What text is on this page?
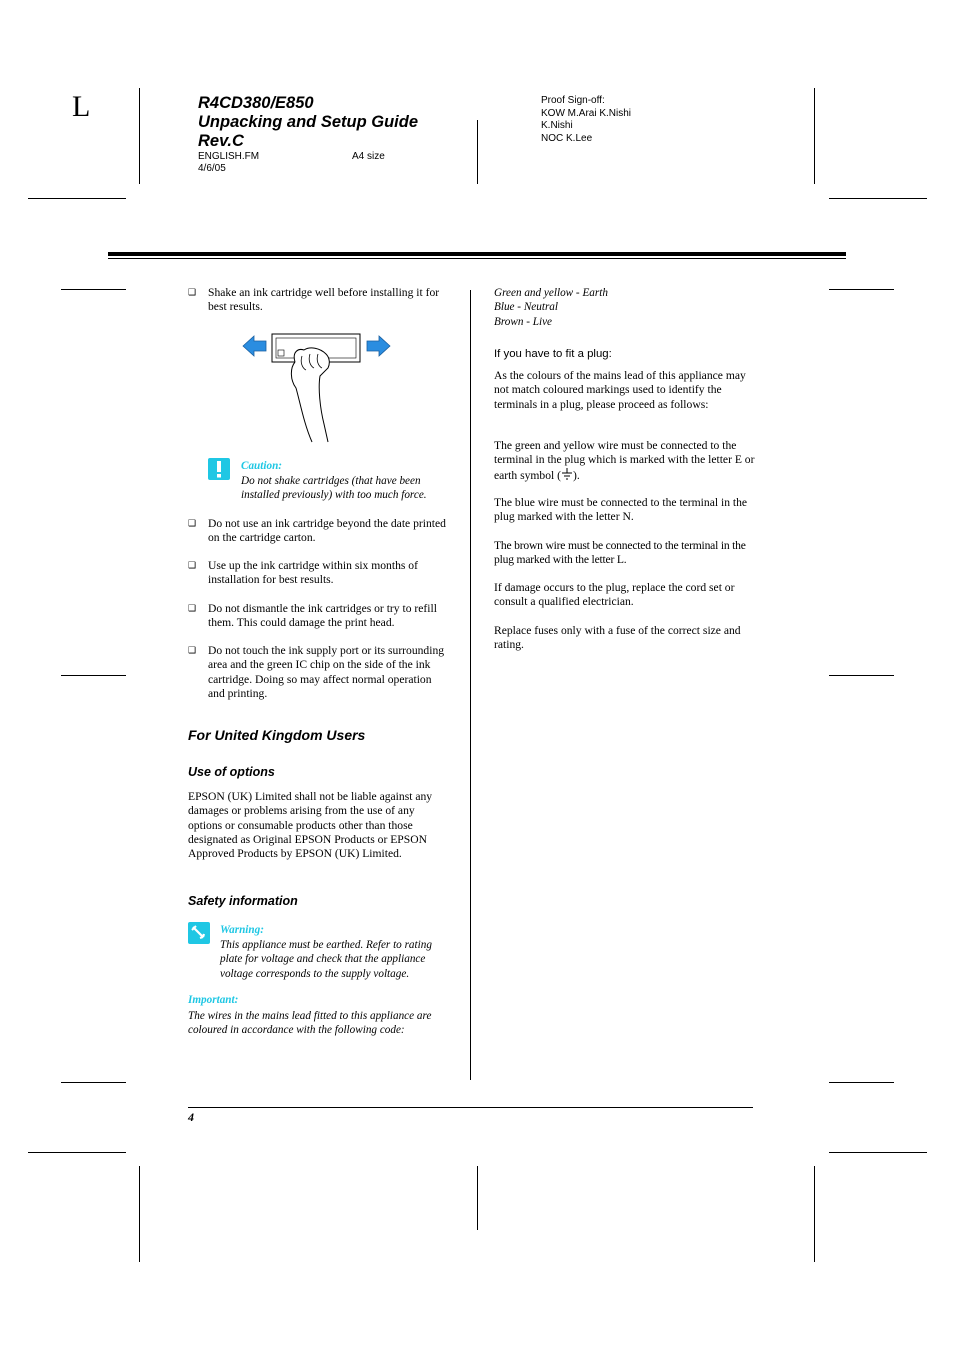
L	R4CD380/E850
Unpacking and Setup Guide
Rev.C
ENGLISH.FM	A4 size
4/6/05
Proof Sign-off:
KOW M.Arai K.Nishi
K.Nishi
NOC K.Lee
❑	Shake an ink cartridge well before installing it for best results.
Caution:
Do not shake cartridges (that have been installed previously) with too much force.
❑	Do not use an ink cartridge beyond the date printed on the cartridge carton.
❑	Use up the ink cartridge within six months of installation for best results.
❑	Do not dismantle the ink cartridges or try to refill them. This could damage the print head.
❑	Do not touch the ink supply port or its surrounding area and the green IC chip on the side of the ink cartridge. Doing so may affect normal operation and printing.
For United Kingdom Users
Use of options
EPSON (UK) Limited shall not be liable against any damages or problems arising from the use of any options or consumable products other than those designated as Original EPSON Products or EPSON Approved Products by EPSON (UK) Limited.
Safety information
Warning:
This appliance must be earthed. Refer to rating plate for voltage and check that the appliance voltage corresponds to the supply voltage.
Important:
The wires in the mains lead fitted to this appliance are coloured in accordance with the following code:
Green and yellow - Earth
Blue - Neutral
Brown - Live
If you have to fit a plug:
As the colours of the mains lead of this appliance may not match coloured markings used to identify the terminals in a plug, please proceed as follows:
The green and yellow wire must be connected to the terminal in the plug which is marked with the letter E or earth symbol ( ).
The blue wire must be connected to the terminal in the plug marked with the letter N.
The brown wire must be connected to the terminal in the plug marked with the letter L.
If damage occurs to the plug, replace the cord set or consult a qualified electrician.
Replace fuses only with a fuse of the correct size and rating.
4
